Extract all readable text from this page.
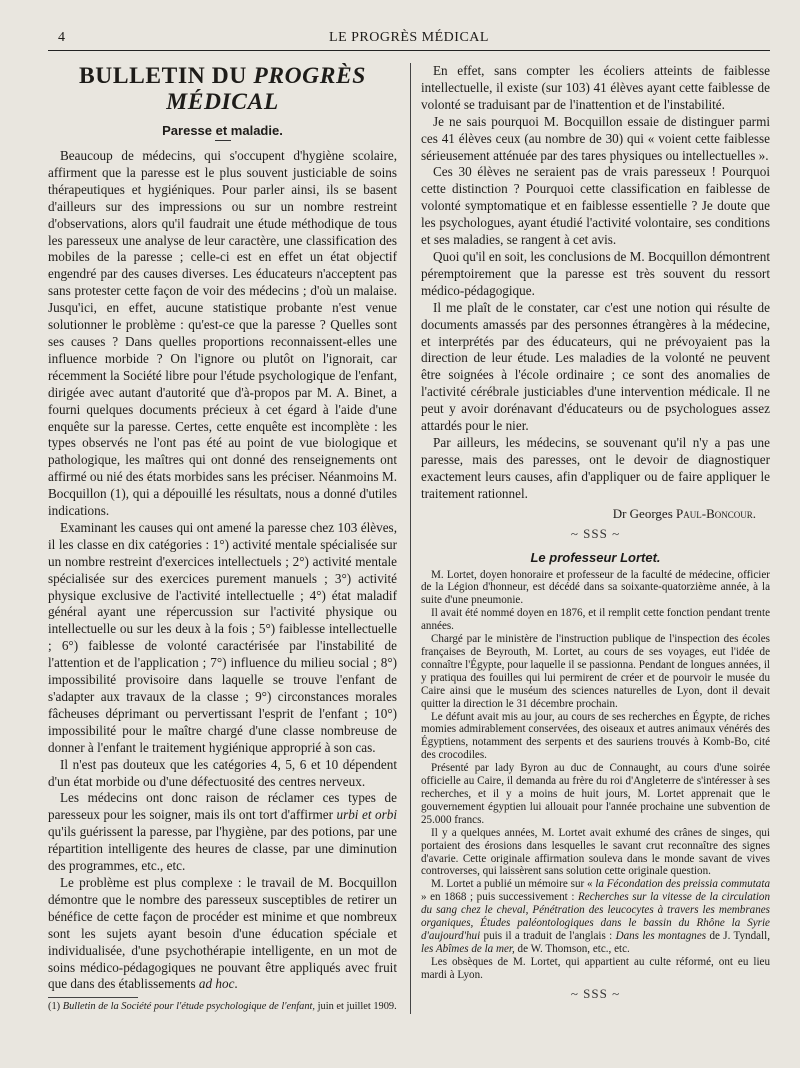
4	LE PROGRÈS MÉDICAL
BULLETIN DU PROGRÈS MÉDICAL
Paresse et maladie.

Beaucoup de médecins, qui s'occupent d'hygiène scolaire, affirment que la paresse est le plus souvent justiciable de soins thérapeutiques et hygiéniques. Pour parler ainsi, ils se basent d'ailleurs sur des impressions ou sur un nombre restreint d'observations, alors qu'il faudrait une étude méthodique de tous les paresseux une analyse de leur caractère, une classification des mobiles de la paresse ; celle-ci est en effet un état objectif engendré par des causes diverses. Les éducateurs n'acceptent pas sans protester cette façon de voir des médecins ; d'où un malaise. Jusqu'ici, en effet, aucune statistique probante n'est venue solutionner le problème : qu'est-ce que la paresse ? Quelles sont ses causes ? Dans quelles proportions reconnaissent-elles une influence morbide ? On l'ignore ou plutôt on l'ignorait, car récemment la Société libre pour l'étude psychologique de l'enfant, dirigée avec autant d'autorité que d'à-propos par M. A. Binet, a fourni quelques documents précieux à cet égard à l'aide d'une enquête sur la paresse. Certes, cette enquête est incomplète : les types observés ne l'ont pas été au point de vue biologique et pathologique, les maîtres qui ont donné des renseignements ont affirmé ou nié des états morbides sans les préciser. Néanmoins M. Bocquillon (1), qui a dépouillé les résultats, nous a donné d'utiles indications.

Examinant les causes qui ont amené la paresse chez 103 élèves, il les classe en dix catégories : 1°) activité mentale spécialisée sur un nombre restreint d'exercices intellectuels ; 2°) activité mentale spécialisée sur des exercices purement manuels ; 3°) activité physique exclusive de l'activité intellectuelle ; 4°) état maladif général ayant une répercussion sur l'activité physique ou intellectuelle ou sur les deux à la fois ; 5°) faiblesse intellectuelle ; 6°) faiblesse de volonté caractérisée par l'instabilité de l'attention et de l'application ; 7°) influence du milieu social ; 8°) impossibilité provisoire dans laquelle se trouve l'enfant de s'adapter aux travaux de la classe ; 9°) circonstances morales fâcheuses déprimant ou pervertissant l'esprit de l'enfant ; 10°) impossibilité pour le maître chargé d'une classe nombreuse de donner à l'enfant le traitement hygiénique approprié à son cas.

Il n'est pas douteux que les catégories 4, 5, 6 et 10 dépendent d'un état morbide ou d'une défectuosité des centres nerveux.

Les médecins ont donc raison de réclamer ces types de paresseux pour les soigner, mais ils ont tort d'affirmer urbi et orbi qu'ils guérissent la paresse, par l'hygiène, par des potions, par une répartition intelligente des heures de classe, par une diminution des programmes, etc., etc.

Le problème est plus complexe : le travail de M. Bocquillon démontre que le nombre des paresseux susceptibles de retirer un bénéfice de cette façon de procéder est minime et que nombreux sont les sujets ayant besoin d'une éducation spéciale et individualisée, d'une psychothérapie intelligente, en un mot de soins médico-pédagogiques ne pouvant être appliqués avec fruit que dans des établissements ad hoc.

(1) Bulletin de la Société pour l'étude psychologique de l'enfant, juin et juillet 1909.

En effet, sans compter les écoliers atteints de faiblesse intellectuelle, il existe (sur 103) 41 élèves ayant cette faiblesse de volonté se traduisant par de l'inattention et de l'instabilité.

Je ne sais pourquoi M. Bocquillon essaie de distinguer parmi ces 41 élèves ceux (au nombre de 30) qui « voient cette faiblesse sérieusement atténuée par des tares physiques ou intellectuelles ».

Ces 30 élèves ne seraient pas de vrais paresseux ! Pourquoi cette distinction ? Pourquoi cette classification en faiblesse de volonté symptomatique et en faiblesse essentielle ? Je doute que les psychologues, ayant étudié l'activité volontaire, ses conditions et ses maladies, se rangent à cet avis.

Quoi qu'il en soit, les conclusions de M. Bocquillon démontrent péremptoirement que la paresse est très souvent du ressort médico-pédagogique.

Il me plaît de le constater, car c'est une notion qui résulte de documents amassés par des personnes étrangères à la médecine, et interprétés par des éducateurs, qui ne prévoyaient pas la direction de leur étude. Les maladies de la volonté ne peuvent être soignées à l'école ordinaire ; ce sont des anomalies de l'activité cérébrale justiciables d'une intervention médicale. Il ne peut y avoir dorénavant d'éducateurs ou de psychologues assez attardés pour le nier.

Par ailleurs, les médecins, se souvenant qu'il n'y a pas une paresse, mais des paresses, ont le devoir de diagnostiquer exactement leurs causes, afin d'appliquer ou de faire appliquer le traitement rationnel.

Dr Georges Paul-Boncour.
~ SSS ~
Le professeur Lortet.

M. Lortet, doyen honoraire et professeur de la faculté de médecine, officier de la Légion d'honneur, est décédé dans sa soixante-quatorzième année, à la suite d'une pneumonie.

Il avait été nommé doyen en 1876, et il remplit cette fonction pendant trente années.

Chargé par le ministère de l'instruction publique de l'inspection des écoles françaises de Beyrouth, M. Lortet, au cours de ses voyages, eut l'idée de connaître l'Égypte, pour laquelle il se passionna. Pendant de longues années, il y pratiqua des fouilles qui lui permirent de créer et de pourvoir le musée du Caire ainsi que le muséum des sciences naturelles de Lyon, dont il devait quitter la direction le 31 décembre prochain.

Le défunt avait mis au jour, au cours de ses recherches en Égypte, de riches momies admirablement conservées, des oiseaux et autres animaux vénérés des Égyptiens, notamment des serpents et des sauriens trouvés à Komb-Bo, cité des crocodiles.

Présenté par lady Byron au duc de Connaught, au cours d'une soirée officielle au Caire, il demanda au frère du roi d'Angleterre de s'intéresser à ses recherches, et il y a moins de huit jours, M. Lortet apprenait que le gouvernement égyptien lui allouait pour l'année prochaine une subvention de 25.000 francs.

Il y a quelques années, M. Lortet avait exhumé des crânes de singes, qui portaient des érosions dans lesquelles le savant crut reconnaître des signes d'avarie. Cette originale affirmation souleva dans le monde savant de vives controverses, qui laissèrent sans solution cette originale question.

M. Lortet a publié un mémoire sur « la Fécondation des preissia commutata » en 1868 ; puis successivement : Recherches sur la vitesse de la circulation du sang chez le cheval, Pénétration des leucocytes à travers les membranes organiques, Études paléontologiques dans le bassin du Rhône la Syrie d'aujourd'hui puis il a traduit de l'anglais : Dans les montagnes de J. Tyndall, les Abîmes de la mer, de W. Thomson, etc., etc.

Les obsèques de M. Lortet, qui appartient au culte réformé, ont eu lieu mardi à Lyon.

~ SSS ~
